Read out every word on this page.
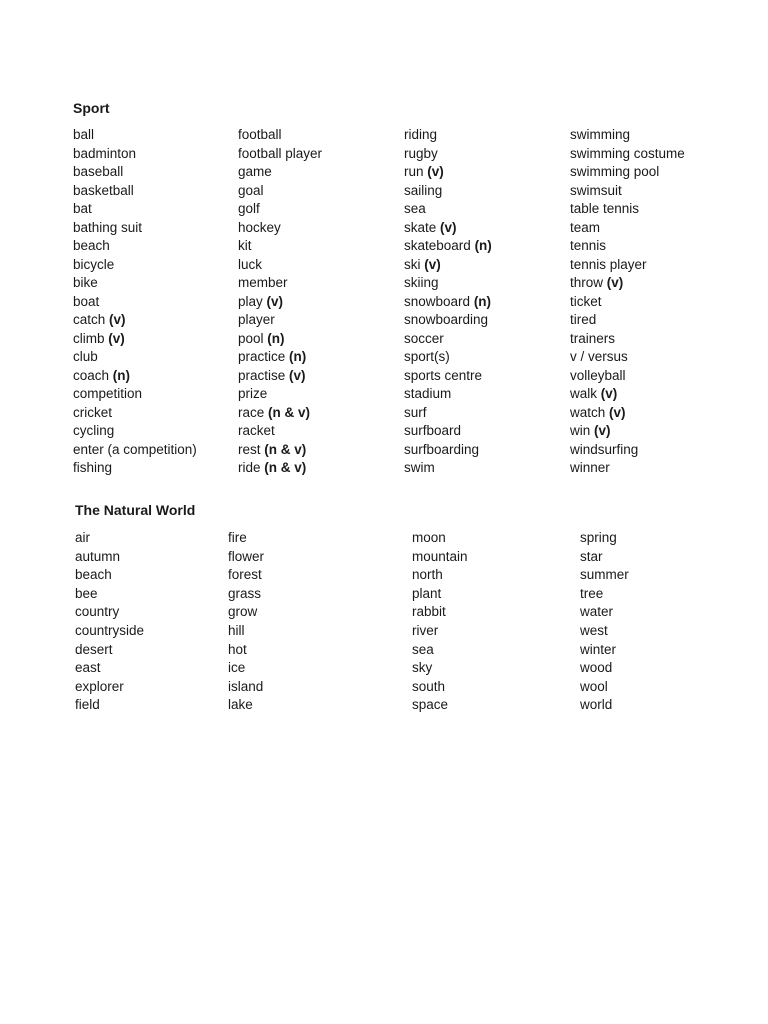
Sport
ball
badminton
baseball
basketball
bat
bathing suit
beach
bicycle
bike
boat
catch (v)
climb (v)
club
coach (n)
competition
cricket
cycling
enter (a competition)
fishing
football
football player
game
goal
golf
hockey
kit
luck
member
play (v)
player
pool (n)
practice (n)
practise (v)
prize
race (n & v)
racket
rest (n & v)
ride (n & v)
riding
rugby
run (v)
sailing
sea
skate (v)
skateboard (n)
ski (v)
skiing
snowboard (n)
snowboarding
soccer
sport(s)
sports centre
stadium
surf
surfboard
surfboarding
swim
swimming
swimming costume
swimming pool
swimsuit
table tennis
team
tennis
tennis player
throw (v)
ticket
tired
trainers
v / versus
volleyball
walk (v)
watch (v)
win (v)
windsurfing
winner
The Natural World
air
autumn
beach
bee
country
countryside
desert
east
explorer
field
fire
flower
forest
grass
grow
hill
hot
ice
island
lake
moon
mountain
north
plant
rabbit
river
sea
sky
south
space
spring
star
summer
tree
water
west
winter
wood
wool
world
